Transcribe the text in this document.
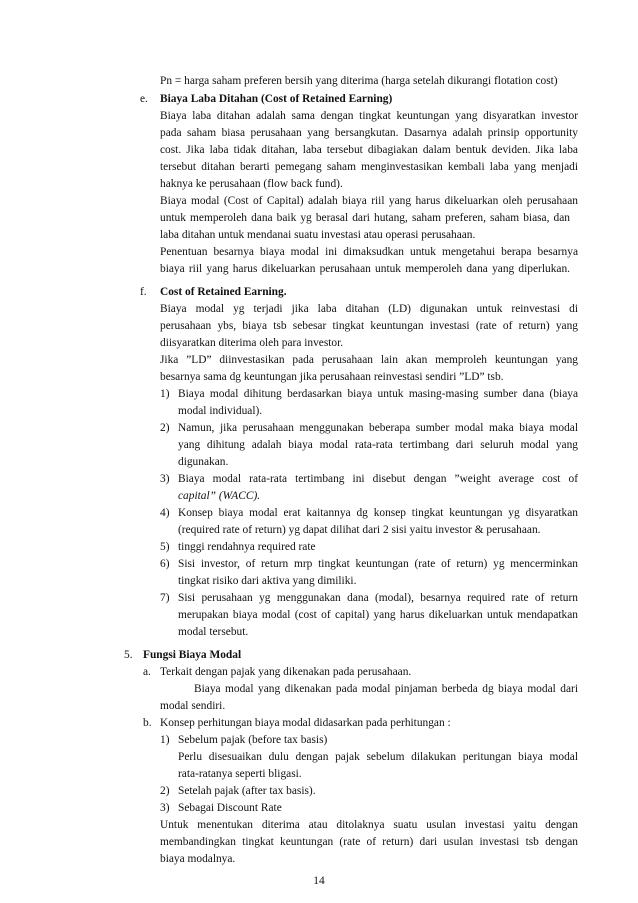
Pn = harga saham preferen bersih yang diterima (harga setelah dikurangi flotation cost)
e. Biaya Laba Ditahan (Cost of Retained Earning)
Biaya laba ditahan adalah sama dengan tingkat keuntungan yang disyaratkan investor
pada saham biasa perusahaan yang bersangkutan. Dasarnya adalah prinsip opportunity
cost. Jika laba tidak ditahan, laba tersebut dibagiakan dalam bentuk deviden. Jika laba
tersebut ditahan berarti pemegang saham menginvestasikan kembali laba yang menjadi
haknya ke perusahaan (flow back fund).
Biaya modal (Cost of Capital) adalah biaya riil yang harus dikeluarkan oleh perusahaan
untuk memperoleh dana baik yg berasal dari hutang, saham preferen, saham biasa, dan
laba ditahan untuk mendanai suatu investasi atau operasi perusahaan.
Penentuan besarnya biaya modal ini dimaksudkan untuk mengetahui berapa besarnya
biaya riil yang harus dikeluarkan perusahaan untuk memperoleh dana yang diperlukan.
f. Cost of Retained Earning.
Biaya modal yg terjadi jika laba ditahan (LD) digunakan untuk reinvestasi di
perusahaan ybs, biaya tsb sebesar tingkat keuntungan investasi (rate of return) yang
diisyaratkan diterima oleh para investor.
Jika ”LD” diinvestasikan pada perusahaan lain akan memproleh keuntungan yang
besarnya sama dg keuntungan jika perusahaan reinvestasi sendiri ”LD” tsb.
1) Biaya modal dihitung berdasarkan biaya untuk masing-masing sumber dana (biaya
modal individual).
2) Namun, jika perusahaan menggunakan beberapa sumber modal maka biaya modal
yang dihitung adalah biaya modal rata-rata tertimbang dari seluruh modal yang
digunakan.
3) Biaya modal rata-rata tertimbang ini disebut dengan ”weight average cost of
capital” (WACC).
4) Konsep biaya modal erat kaitannya dg konsep tingkat keuntungan yg disyaratkan
(required rate of return) yg dapat dilihat dari 2 sisi yaitu investor & perusahaan.
5) tinggi rendahnya required rate
6) Sisi investor, of return mrp tingkat keuntungan (rate of return) yg mencerminkan
tingkat risiko dari aktiva yang dimiliki.
7) Sisi perusahaan yg menggunakan dana (modal), besarnya required rate of return
merupakan biaya modal (cost of capital) yang harus dikeluarkan untuk mendapatkan
modal tersebut.
5. Fungsi Biaya Modal
a. Terkait dengan pajak yang dikenakan pada perusahaan.
Biaya modal yang dikenakan pada modal pinjaman berbeda dg biaya modal dari
modal sendiri.
b. Konsep perhitungan biaya modal didasarkan pada perhitungan :
1) Sebelum pajak (before tax basis)
Perlu disesuaikan dulu dengan pajak sebelum dilakukan peritungan biaya modal
rata-ratanya seperti bligasi.
2) Setelah pajak (after tax basis).
3) Sebagai Discount Rate
Untuk menentukan diterima atau ditolaknya suatu usulan investasi yaitu dengan
membandingkan tingkat keuntungan (rate of return) dari usulan investasi tsb dengan
biaya modalnya.
14
